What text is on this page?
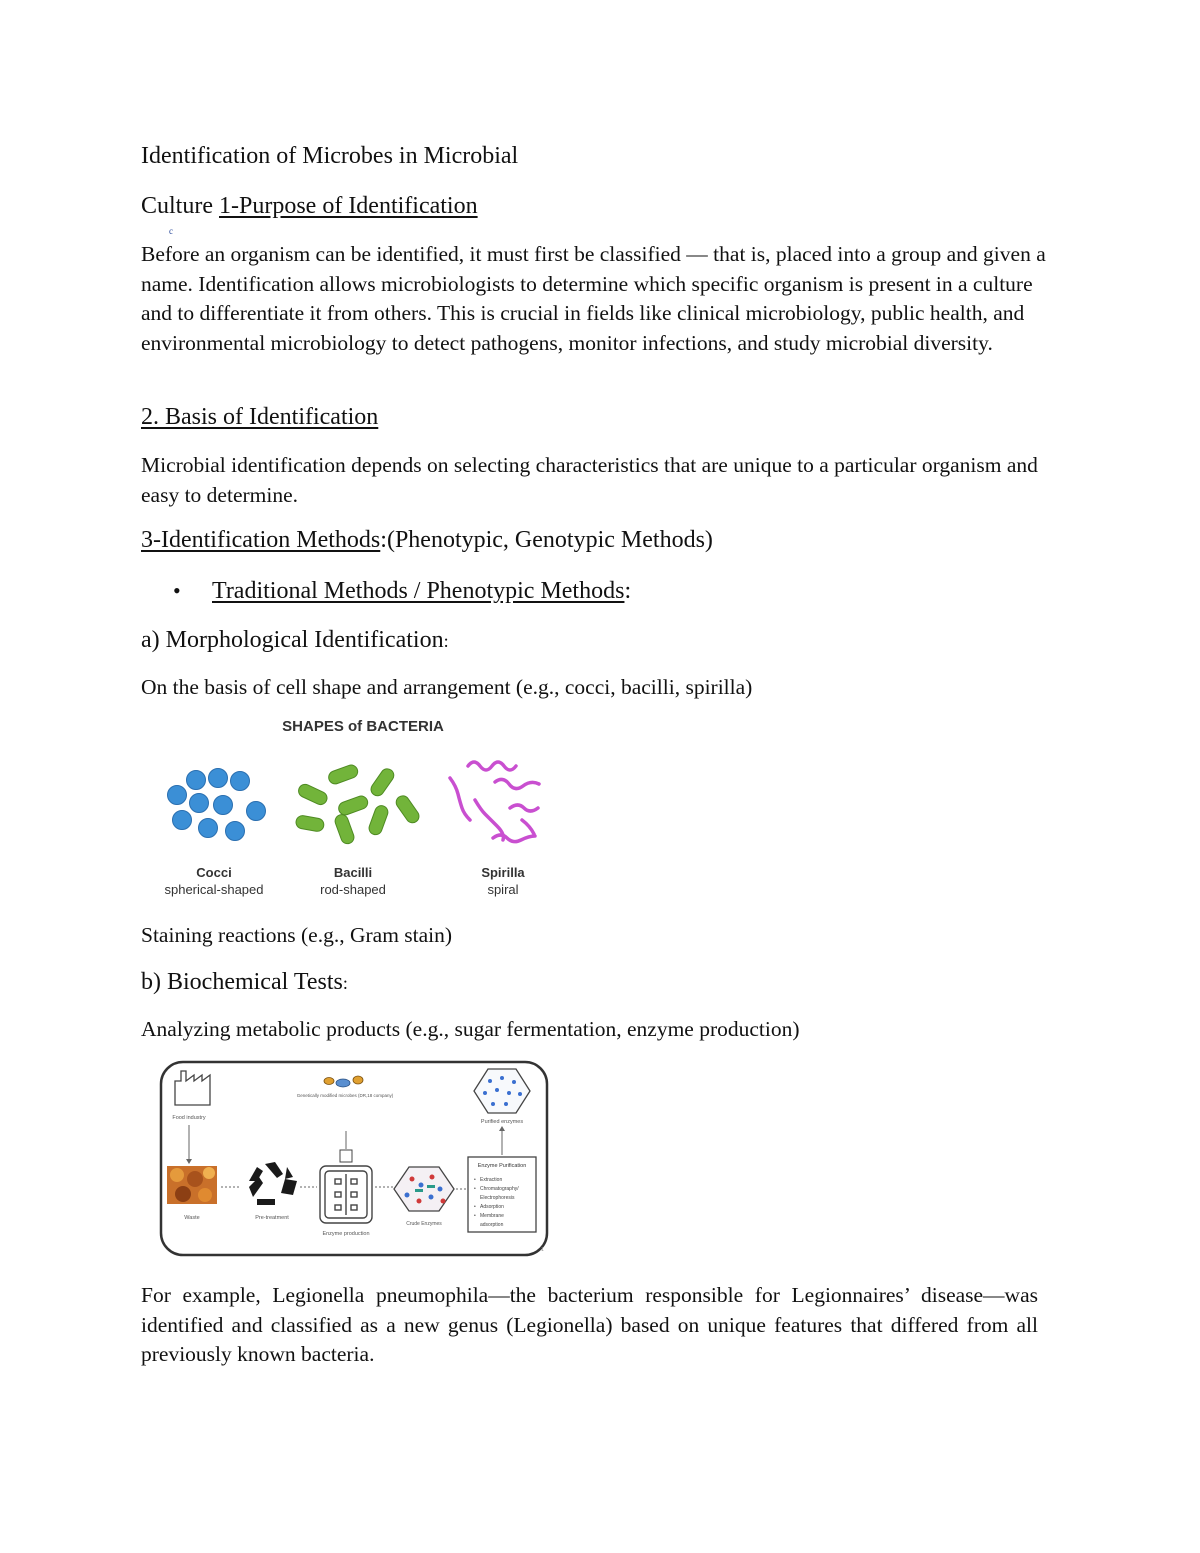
Identification of Microbes in Microbial
Culture 1-Purpose of Identification
c
Before an organism can be identified, it must first be classified — that is, placed into a group and given a name. Identification allows microbiologists to determine which specific organism is present in a culture and to differentiate it from others. This is crucial in fields like clinical microbiology, public health, and environmental microbiology to detect pathogens, monitor infections, and study microbial diversity.
2. Basis of Identification
Microbial identification depends on selecting characteristics that are unique to a particular organism and easy to determine.
3-Identification Methods:(Phenotypic, Genotypic Methods)
• Traditional Methods / Phenotypic Methods:
a) Morphological Identification:
On the basis of cell shape and arrangement (e.g., cocci, bacilli, spirilla)
SHAPES of BACTERIA
Cocci
spherical-shaped
Bacilli
rod-shaped
Spirilla
spiral
Staining reactions (e.g., Gram stain)
b) Biochemical Tests:
Analyzing metabolic products (e.g., sugar fermentation, enzyme production)
Food industry
Waste	Pre-treatment
Genetically modified microbes (DR,18 company)
Enzyme production
Crude Enzymes
Enzyme Purification
• Extraction
• Chromatography/
Electrophoresis
• Adsorption
• Membrane
adsorption
Purified enzymes
1
For example, Legionella pneumophila—the bacterium responsible for Legionnaires’ disease—was identified and classified as a new genus (Legionella) based on unique features that differed from all previously known bacteria.
